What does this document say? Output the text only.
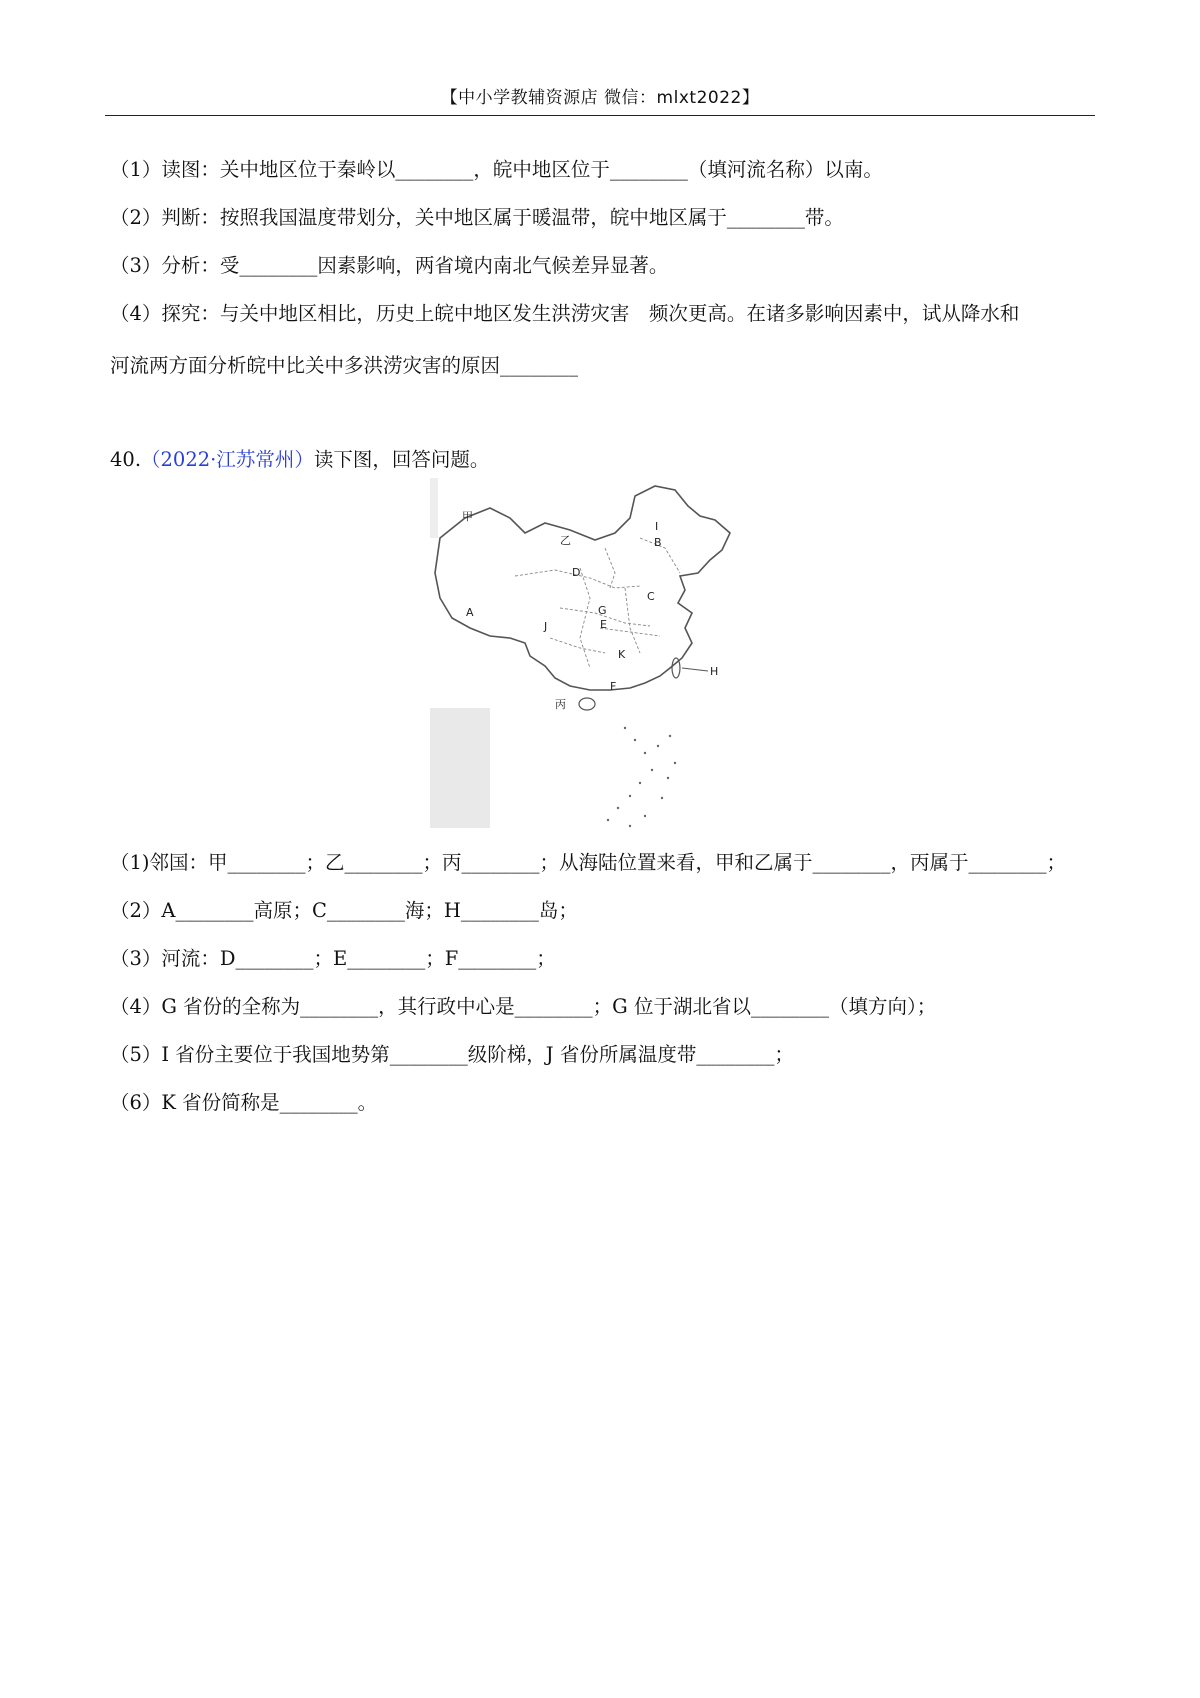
【中小学教辅资源店 微信：mlxt2022】
（1）读图：关中地区位于秦岭以________，皖中地区位于________（填河流名称）以南。
（2）判断：按照我国温度带划分，关中地区属于暖温带，皖中地区属于________带。
（3）分析：受________因素影响，两省境内南北气候差异显著。
（4）探究：与关中地区相比，历史上皖中地区发生洪涝灾害　频次更高。在诸多影响因素中，试从降水和
河流两方面分析皖中比关中多洪涝灾害的原因________
40.（2022·江苏常州）读下图，回答问题。
甲
乙
丙
A
B
C
D
E
F
G
H
I
J
K
（1)邻国：甲________；乙________；丙________；从海陆位置来看，甲和乙属于________，丙属于________；
（2）A________高原；C________海；H________岛；
（3）河流：D________；E________；F________；
（4）G 省份的全称为________，其行政中心是________；G 位于湖北省以________（填方向）；
（5）I 省份主要位于我国地势第________级阶梯，J 省份所属温度带________；
（6）K 省份简称是________。
